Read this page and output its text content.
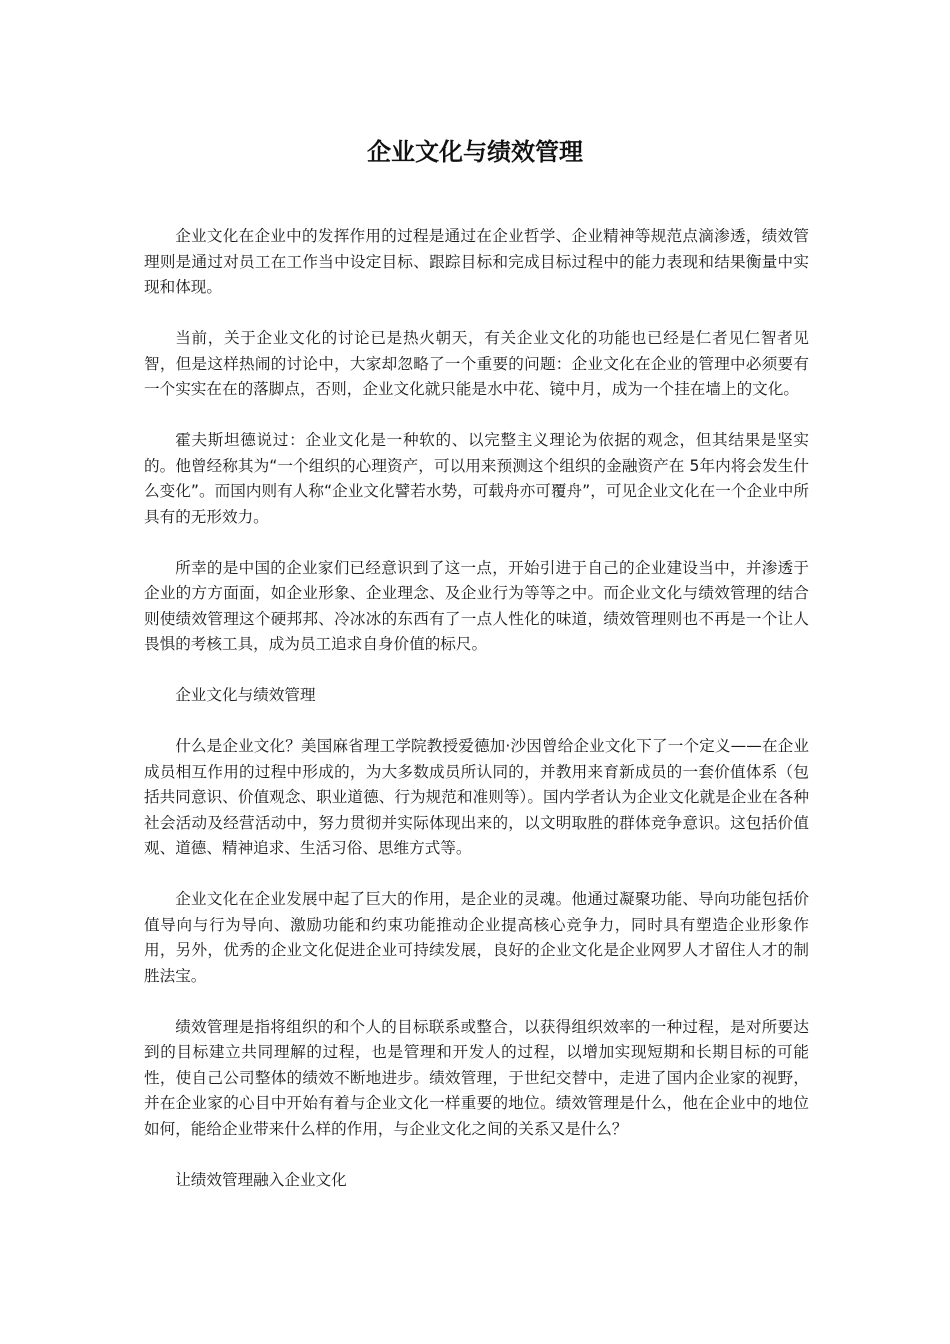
企业文化与绩效管理

企业文化在企业中的发挥作用的过程是通过在企业哲学、企业精神等规范点滴渗透，绩效管理则是通过对员工在工作当中设定目标、跟踪目标和完成目标过程中的能力表现和结果衡量中实现和体现。

当前，关于企业文化的讨论已是热火朝天，有关企业文化的功能也已经是仁者见仁智者见智，但是这样热闹的讨论中，大家却忽略了一个重要的问题：企业文化在企业的管理中必须要有一个实实在在的落脚点，否则，企业文化就只能是水中花、镜中月，成为一个挂在墙上的文化。

霍夫斯坦德说过：企业文化是一种软的、以完整主义理论为依据的观念，但其结果是坚实的。他曾经称其为“一个组织的心理资产，可以用来预测这个组织的金融资产在 5年内将会发生什么变化”。而国内则有人称“企业文化譬若水势，可载舟亦可覆舟”，可见企业文化在一个企业中所具有的无形效力。

所幸的是中国的企业家们已经意识到了这一点，开始引进于自己的企业建设当中，并渗透于企业的方方面面，如企业形象、企业理念、及企业行为等等之中。而企业文化与绩效管理的结合则使绩效管理这个硬邦邦、冷冰冰的东西有了一点人性化的味道，绩效管理则也不再是一个让人畏惧的考核工具，成为员工追求自身价值的标尺。

企业文化与绩效管理

什么是企业文化？美国麻省理工学院教授爱德加·沙因曾给企业文化下了一个定义——在企业成员相互作用的过程中形成的，为大多数成员所认同的，并教用来育新成员的一套价值体系（包括共同意识、价值观念、职业道德、行为规范和准则等）。国内学者认为企业文化就是企业在各种社会活动及经营活动中，努力贯彻并实际体现出来的，以文明取胜的群体竞争意识。这包括价值观、道德、精神追求、生活习俗、思维方式等。

企业文化在企业发展中起了巨大的作用，是企业的灵魂。他通过凝聚功能、导向功能包括价值导向与行为导向、激励功能和约束功能推动企业提高核心竞争力，同时具有塑造企业形象作用，另外，优秀的企业文化促进企业可持续发展，良好的企业文化是企业网罗人才留住人才的制胜法宝。

绩效管理是指将组织的和个人的目标联系或整合，以获得组织效率的一种过程，是对所要达到的目标建立共同理解的过程，也是管理和开发人的过程，以增加实现短期和长期目标的可能性，使自己公司整体的绩效不断地进步。绩效管理，于世纪交替中，走进了国内企业家的视野，并在企业家的心目中开始有着与企业文化一样重要的地位。绩效管理是什么，他在企业中的地位如何，能给企业带来什么样的作用，与企业文化之间的关系又是什么？

让绩效管理融入企业文化
